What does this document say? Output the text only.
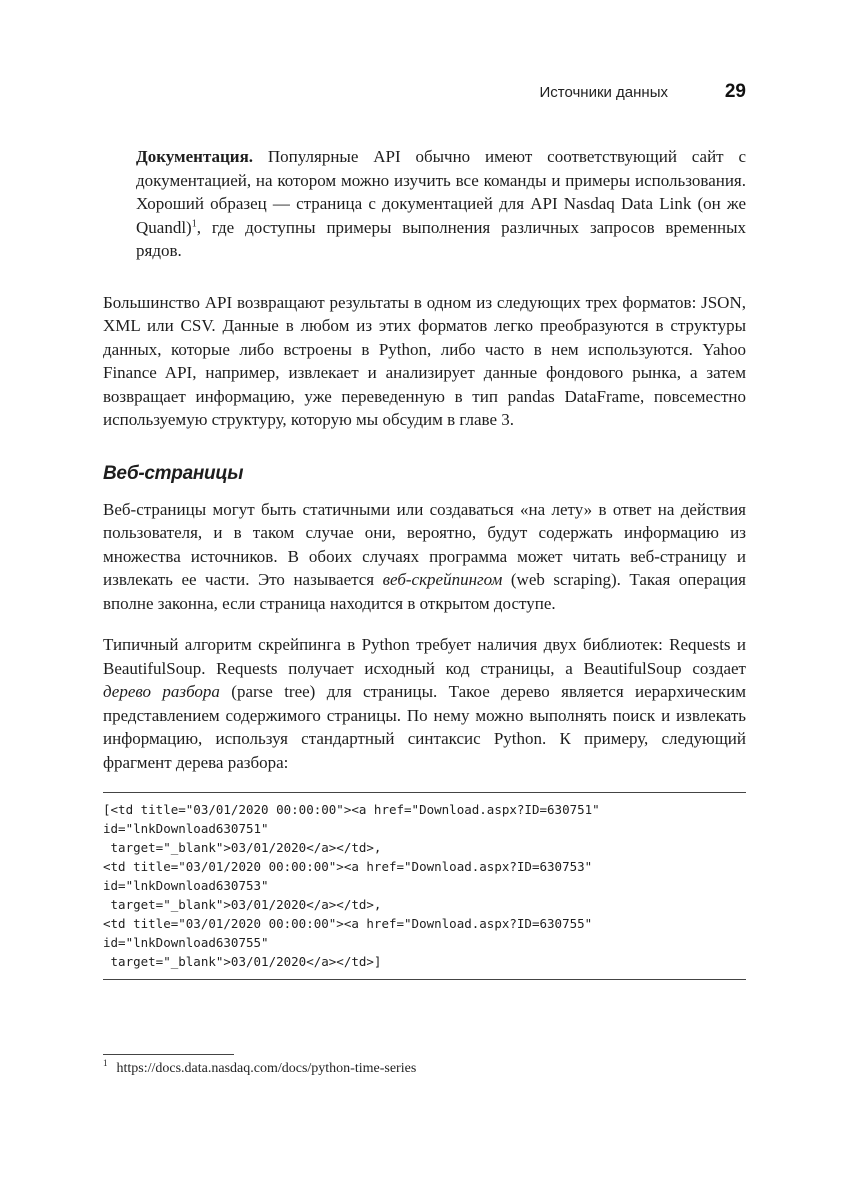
Источники данных	29
Документация. Популярные API обычно имеют соответствующий сайт с документацией, на котором можно изучить все команды и примеры использования. Хороший образец — страница с документацией для API Nasdaq Data Link (он же Quandl)$^1$, где доступны примеры выполнения различных запросов временных рядов.

Большинство API возвращают результаты в одном из следующих трех форматов: JSON, XML или CSV. Данные в любом из этих форматов легко преобразуются в структуры данных, которые либо встроены в Python, либо часто в нем используются. Yahoo Finance API, например, извлекает и анализирует данные фондового рынка, а затем возвращает информацию, уже переведенную в тип pandas DataFrame, повсеместно используемую структуру, которую мы обсудим в главе 3.

Веб-страницы

Веб-страницы могут быть статичными или создаваться «на лету» в ответ на действия пользователя, и в таком случае они, вероятно, будут содержать информацию из множества источников. В обоих случаях программа может читать веб-страницу и извлекать ее части. Это называется веб-скрейпингом (web scraping). Такая операция вполне законна, если страница находится в открытом доступе.

Типичный алгоритм скрейпинга в Python требует наличия двух библиотек: Requests и BeautifulSoup. Requests получает исходный код страницы, а BeautifulSoup создает дерево разбора (parse tree) для страницы. Такое дерево является иерархическим представлением содержимого страницы. По нему можно выполнять поиск и извлекать информацию, используя стандартный синтаксис Python. К примеру, следующий фрагмент дерева разбора:

[<td title="03/01/2020 00:00:00"><a href="Download.aspx?ID=630751"
id="lnkDownload630751"
target="_blank">03/01/2020</a></td>,
<td title="03/01/2020 00:00:00"><a href="Download.aspx?ID=630753"
id="lnkDownload630753"
target="_blank">03/01/2020</a></td>,
<td title="03/01/2020 00:00:00"><a href="Download.aspx?ID=630755"
id="lnkDownload630755"
target="_blank">03/01/2020</a></td>]
$^1$ https://docs.data.nasdaq.com/docs/python-time-series
